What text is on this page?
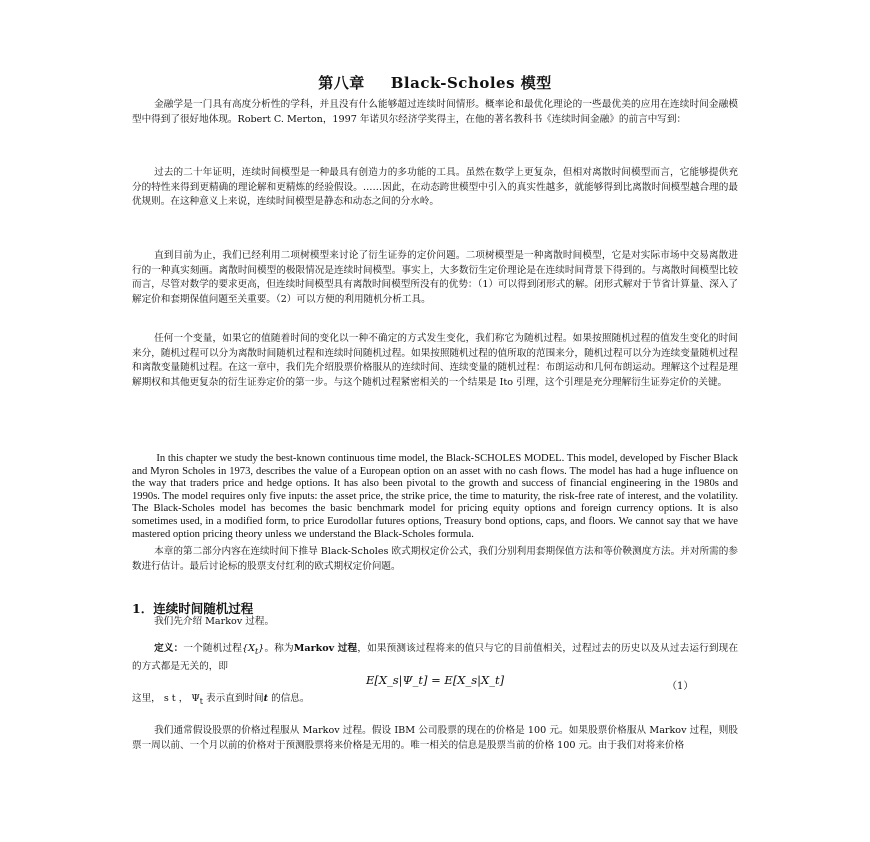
第八章 Black-Scholes 模型

金融学是一门具有高度分析性的学科，并且没有什么能够超过连续时间情形。概率论和最优化理论的一些最优美的应用在连续时间金融模型中得到了很好地体现。Robert C. Merton，1997 年诺贝尔经济学奖得主，在他的著名教科书《连续时间金融》的前言中写到：

过去的二十年证明，连续时间模型是一种最具有创造力的多功能的工具。虽然在数学上更复杂，但相对离散时间模型而言，它能够提供充分的特性来得到更精确的理论解和更精炼的经验假设。……因此，在动态跨世模型中引入的真实性越多，就能够得到比离散时间模型越合理的最优规则。在这种意义上来说，连续时间模型是静态和动态之间的分水岭。

直到目前为止，我们已经利用二项树模型来讨论了衍生证券的定价问题。二项树模型是一种离散时间模型，它是对实际市场中交易离散进行的一种真实刻画。离散时间模型的极限情况是连续时间模型。事实上，大多数衍生定价理论是在连续时间背景下得到的。与离散时间模型比较而言，尽管对数学的要求更高，但连续时间模型具有离散时间模型所没有的优势：（1）可以得到闭形式的解。闭形式解对于节省计算量、深入了解定价和套期保值问题至关重要。（2）可以方便的利用随机分析工具。

任何一个变量，如果它的值随着时间的变化以一种不确定的方式发生变化，我们称它为随机过程。如果按照随机过程的值发生变化的时间来分，随机过程可以分为离散时间随机过程和连续时间随机过程。如果按照随机过程的值所取的范围来分，随机过程可以分为连续变量随机过程和离散变量随机过程。在这一章中，我们先介绍股票价格服从的连续时间、连续变量的随机过程：布朗运动和几何布朗运动。理解这个过程是理解期权和其他更复杂的衍生证券定价的第一步。与这个随机过程紧密相关的一个结果是 Ito 引理，这个引理是充分理解衍生证券定价的关键。

In this chapter we study the best-known continuous time model, the Black-SCHOLES MODEL. This model, developed by Fischer Black and Myron Scholes in 1973, describes the value of a European option on an asset with no cash flows. The model has had a huge influence on the way that traders price and hedge options. It has also been pivotal to the growth and success of financial engineering in the 1980s and 1990s. The model requires only five inputs: the asset price, the strike price, the time to maturity, the risk-free rate of interest, and the volatility. The Black-Scholes model has becomes the basic benchmark model for pricing equity options and foreign currency options. It is also sometimes used, in a modified form, to price Eurodollar futures options, Treasury bond options, caps, and floors. We cannot say that we have mastered option pricing theory unless we understand the Black-Scholes formula.

本章的第二部分内容在连续时间下推导 Black-Scholes 欧式期权定价公式，我们分别利用套期保值方法和等价鞅测度方法。并对所需的参数进行估计。最后讨论标的股票支付红利的欧式期权定价问题。

1．连续时间随机过程

我们先介绍 Markov 过程。

定义：一个随机过程$\{X_t\}$。称为Markov 过程，如果预测该过程将来的值只与它的目前值相关，过程过去的历史以及从过去运行到现在的方式都是无关的，即

E[X_s|Ψ_t] = E[X_s|X_t]	（1）
这里， s t ， $\Psi_t$ 表示直到时间t 的信息。

我们通常假设股票的价格过程服从 Markov 过程。假设 IBM 公司股票的现在的价格是 100 元。如果股票价格服从 Markov 过程，则股票一周以前、一个月以前的价格对于预测股票将来价格是无用的。唯一相关的信息是股票当前的价格 100 元。由于我们对将来价格
